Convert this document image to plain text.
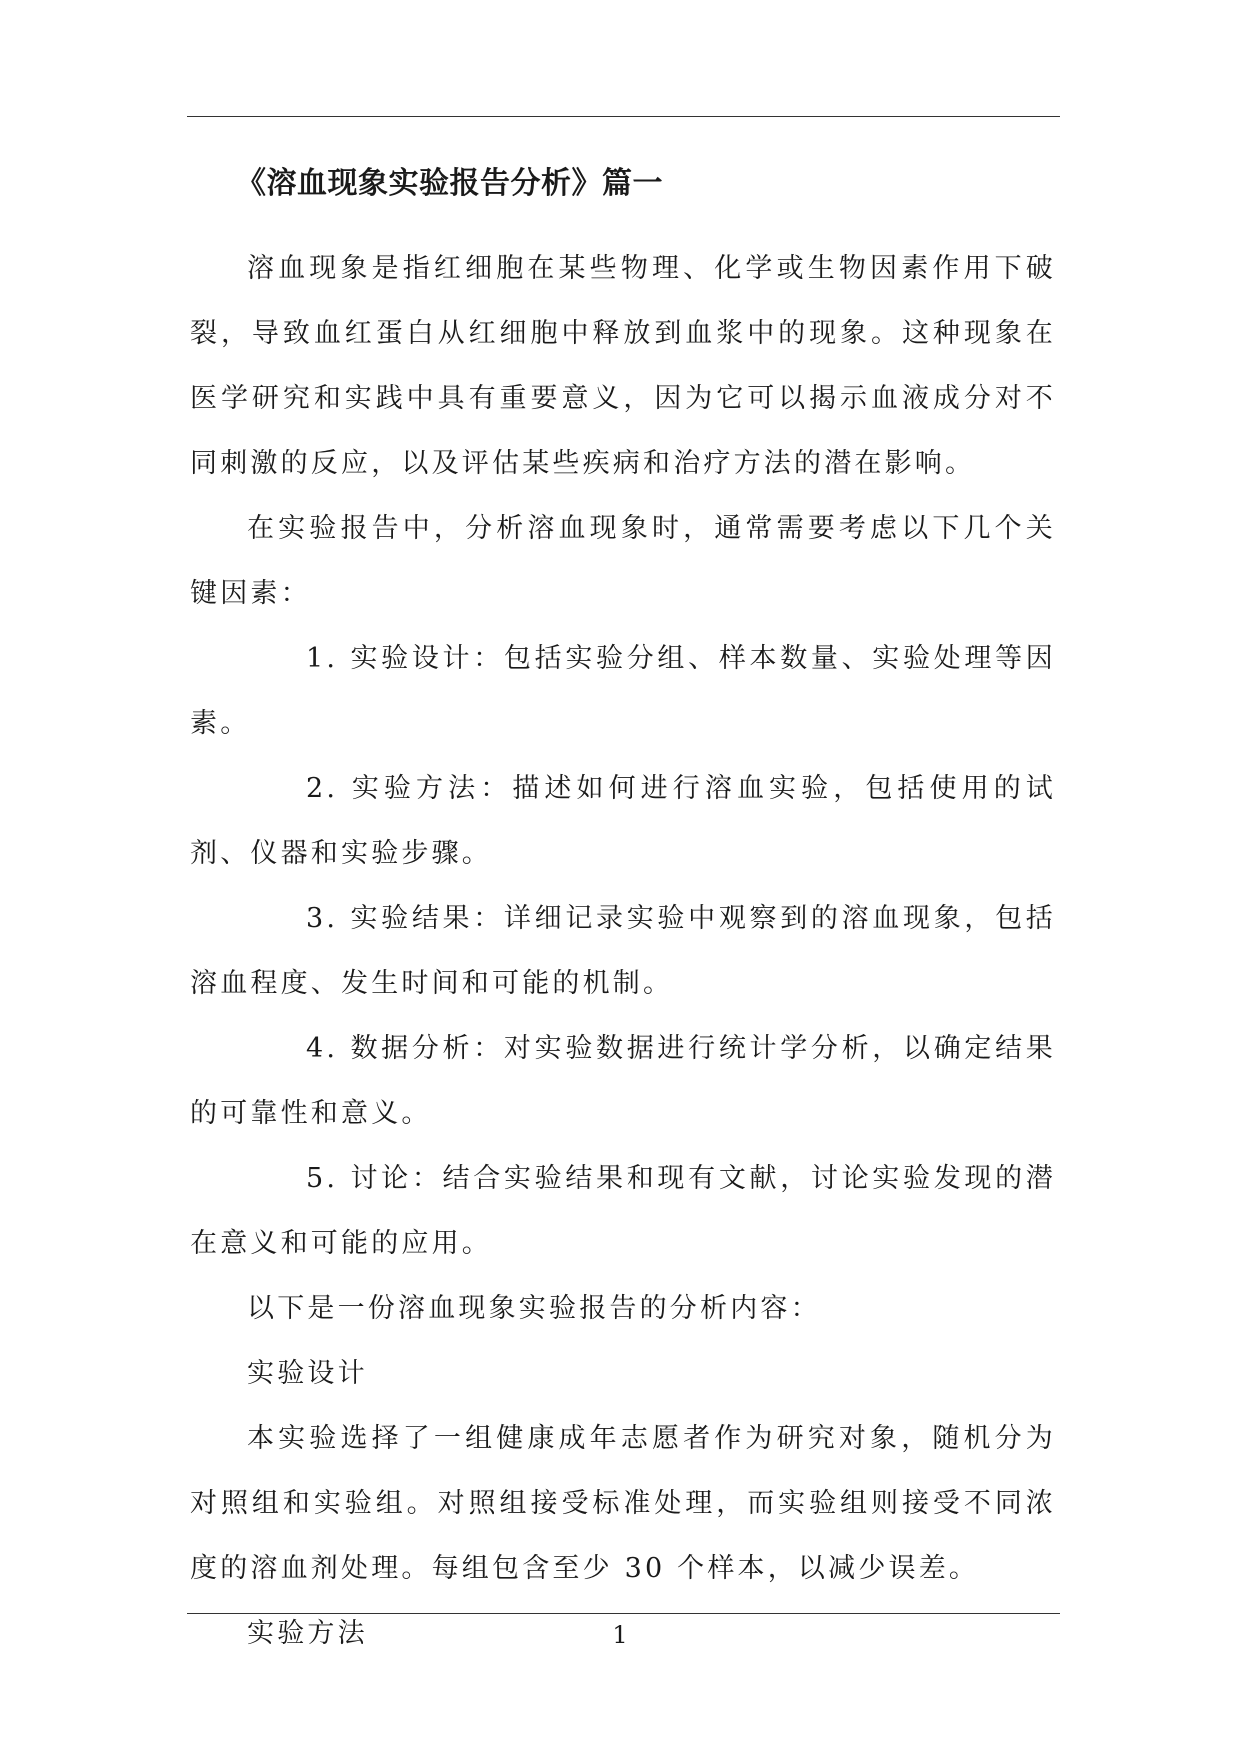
《溶血现象实验报告分析》篇一

溶血现象是指红细胞在某些物理、化学或生物因素作用下破裂，导致血红蛋白从红细胞中释放到血浆中的现象。这种现象在医学研究和实践中具有重要意义，因为它可以揭示血液成分对不同刺激的反应，以及评估某些疾病和治疗方法的潜在影响。

在实验报告中，分析溶血现象时，通常需要考虑以下几个关键因素：

1. 实验设计：包括实验分组、样本数量、实验处理等因素。

2. 实验方法：描述如何进行溶血实验，包括使用的试剂、仪器和实验步骤。

3. 实验结果：详细记录实验中观察到的溶血现象，包括溶血程度、发生时间和可能的机制。

4. 数据分析：对实验数据进行统计学分析，以确定结果的可靠性和意义。

5. 讨论：结合实验结果和现有文献，讨论实验发现的潜在意义和可能的应用。

以下是一份溶血现象实验报告的分析内容：

实验设计

本实验选择了一组健康成年志愿者作为研究对象，随机分为对照组和实验组。对照组接受标准处理，而实验组则接受不同浓度的溶血剂处理。每组包含至少 30 个样本，以减少误差。

实验方法	1
